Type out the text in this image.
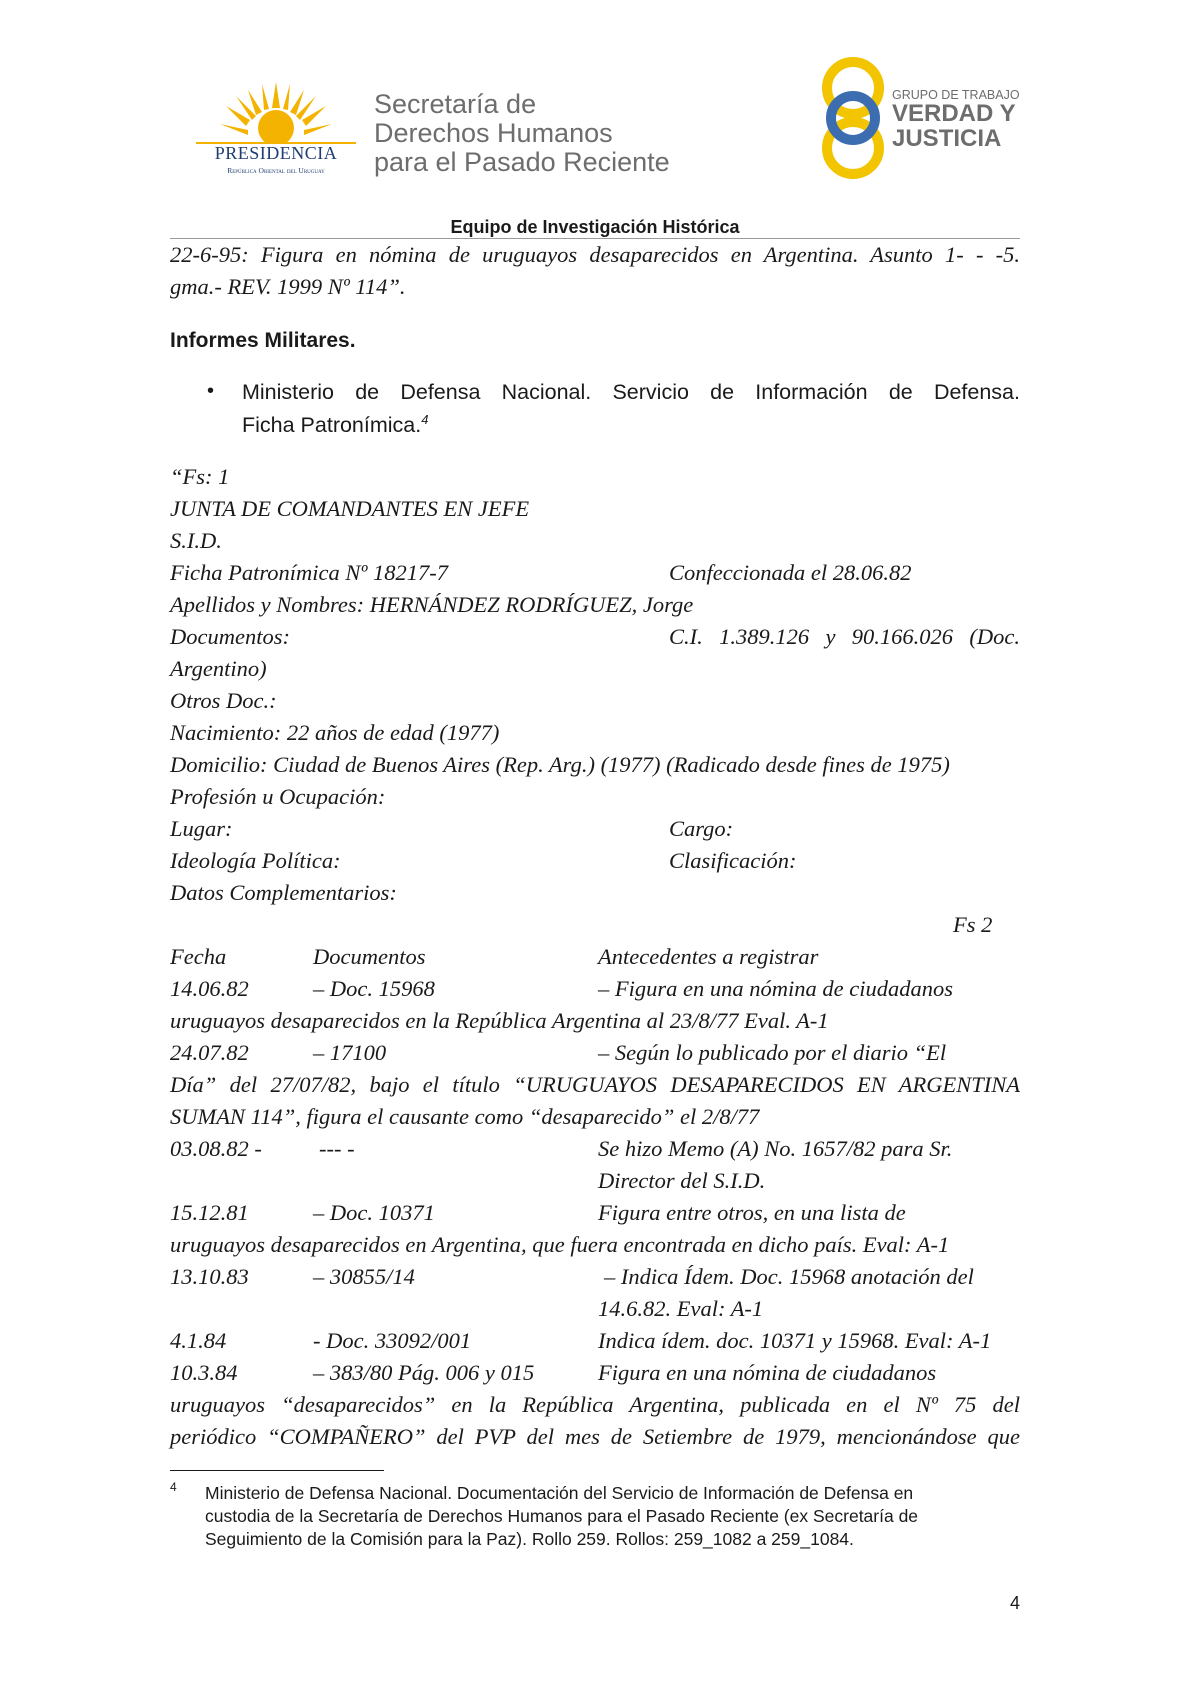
PRESIDENCIA
República Oriental del Uruguay
Secretaría de
Derechos Humanos
para el Pasado Reciente
GRUPO DE TRABAJO
VERDAD Y
JUSTICIA
Equipo de Investigación Histórica
22-6-95: Figura en nómina de uruguayos desaparecidos en Argentina. Asunto 1- - -5.
gma.- REV. 1999 Nº 114”.
Informes Militares.
• Ministerio de Defensa Nacional. Servicio de Información de Defensa.
Ficha Patronímica.$^4$
“Fs: 1
JUNTA DE COMANDANTES EN JEFE
S.I.D.
Ficha Patronímica Nº 18217-7	Confeccionada el 28.06.82
Apellidos y Nombres: HERNÁNDEZ RODRÍGUEZ, Jorge
Documentos:	C.I. 1.389.126 y 90.166.026 (Doc.
Argentino)
Otros Doc.:
Nacimiento: 22 años de edad (1977)
Domicilio: Ciudad de Buenos Aires (Rep. Arg.) (1977) (Radicado desde fines de 1975)
Profesión u Ocupación:
Lugar:	Cargo:
Ideología Política:	Clasificación:
Datos Complementarios:
Fs 2
Fecha	Documentos	Antecedentes a registrar
14.06.82	– Doc. 15968	– Figura en una nómina de ciudadanos
uruguayos desaparecidos en la República Argentina al 23/8/77 Eval. A-1
24.07.82	– 17100	– Según lo publicado por el diario “El
Día” del 27/07/82, bajo el título “URUGUAYOS DESAPARECIDOS EN ARGENTINA
SUMAN 114”, figura el causante como “desaparecido” el 2/8/77
03.08.82 -	--- -	Se hizo Memo (A) No. 1657/82 para Sr.
Director del S.I.D.
15.12.81	– Doc. 10371	Figura entre otros, en una lista de
uruguayos desaparecidos en Argentina, que fuera encontrada en dicho país. Eval: A-1
13.10.83	– 30855/14	– Indica Ídem. Doc. 15968 anotación del
14.6.82. Eval: A-1
4.1.84	- Doc. 33092/001	Indica ídem. doc. 10371 y 15968. Eval: A-1
10.3.84	– 383/80 Pág. 006 y 015	Figura en una nómina de ciudadanos
uruguayos “desaparecidos” en la República Argentina, publicada en el Nº 75 del
periódico “COMPAÑERO” del PVP del mes de Setiembre de 1979, mencionándose que
4 Ministerio de Defensa Nacional. Documentación del Servicio de Información de Defensa en
custodia de la Secretaría de Derechos Humanos para el Pasado Reciente (ex Secretaría de
Seguimiento de la Comisión para la Paz). Rollo 259. Rollos: 259_1082 a 259_1084.
4
